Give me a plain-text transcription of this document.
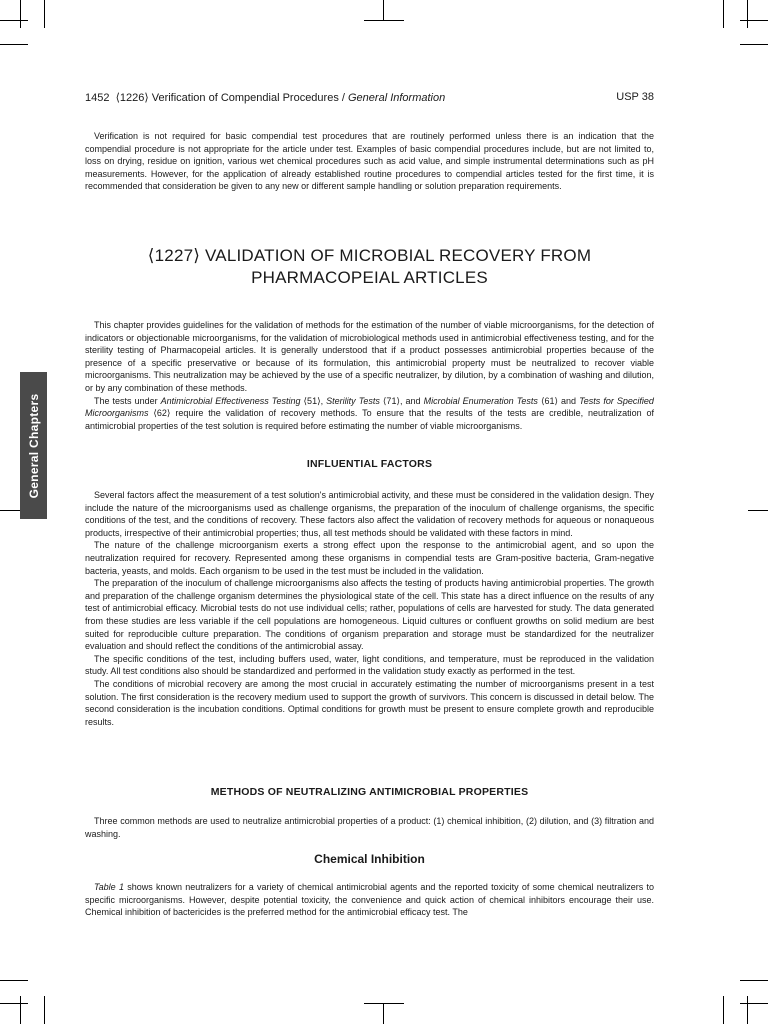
1452 ⟨1226⟩ Verification of Compendial Procedures / General Information	USP 38
General Chapters

Verification is not required for basic compendial test procedures that are routinely performed unless there is an indication that the compendial procedure is not appropriate for the article under test. Examples of basic compendial procedures include, but are not limited to, loss on drying, residue on ignition, various wet chemical procedures such as acid value, and simple instrumental determinations such as pH measurements. However, for the application of already established routine procedures to compendial articles tested for the first time, it is recommended that consideration be given to any new or different sample handling or solution preparation requirements.

⟨1227⟩ VALIDATION OF MICROBIAL RECOVERY FROM
PHARMACOPEIAL ARTICLES
This chapter provides guidelines for the validation of methods for the estimation of the number of viable microorganisms, for the detection of indicators or objectionable microorganisms, for the validation of microbiological methods used in antimicrobial effectiveness testing, and for the sterility testing of Pharmacopeial articles. It is generally understood that if a product possesses antimicrobial properties because of the presence of a specific preservative or because of its formulation, this antimicrobial property must be neutralized to recover viable microorganisms. This neutralization may be achieved by the use of a specific neutralizer, by dilution, by a combination of washing and dilution, or by any combination of these methods.
The tests under Antimicrobial Effectiveness Testing ⟨51⟩, Sterility Tests ⟨71⟩, and Microbial Enumeration Tests ⟨61⟩ and Tests for Specified Microorganisms ⟨62⟩ require the validation of recovery methods. To ensure that the results of the tests are credible, neutralization of antimicrobial properties of the test solution is required before estimating the number of viable microorganisms.
INFLUENTIAL FACTORS
Several factors affect the measurement of a test solution's antimicrobial activity, and these must be considered in the validation design. They include the nature of the microorganisms used as challenge organisms, the preparation of the inoculum of challenge organisms, the specific conditions of the test, and the conditions of recovery. These factors also affect the validation of recovery methods for aqueous or nonaqueous products, irrespective of their antimicrobial properties; thus, all test methods should be validated with these factors in mind.
The nature of the challenge microorganism exerts a strong effect upon the response to the antimicrobial agent, and so upon the neutralization required for recovery. Represented among these organisms in compendial tests are Gram-positive bacteria, Gram-negative bacteria, yeasts, and molds. Each organism to be used in the test must be included in the validation.
The preparation of the inoculum of challenge microorganisms also affects the testing of products having antimicrobial properties. The growth and preparation of the challenge organism determines the physiological state of the cell. This state has a direct influence on the results of any test of antimicrobial efficacy. Microbial tests do not use individual cells; rather, populations of cells are harvested for study. The data generated from these studies are less variable if the cell populations are homogeneous. Liquid cultures or confluent growths on solid medium are best suited for reproducible culture preparation. The conditions of organism preparation and storage must be standardized for the neutralizer evaluation and should reflect the conditions of the antimicrobial assay.
The specific conditions of the test, including buffers used, water, light conditions, and temperature, must be reproduced in the validation study. All test conditions also should be standardized and performed in the validation study exactly as performed in the test.
The conditions of microbial recovery are among the most crucial in accurately estimating the number of microorganisms present in a test solution. The first consideration is the recovery medium used to support the growth of survivors. This concern is discussed in detail below. The second consideration is the incubation conditions. Optimal conditions for growth must be present to ensure complete growth and reproducible results.
METHODS OF NEUTRALIZING ANTIMICROBIAL PROPERTIES

Three common methods are used to neutralize antimicrobial properties of a product: (1) chemical inhibition, (2) dilution, and (3) filtration and washing.

Chemical Inhibition

Table 1 shows known neutralizers for a variety of chemical antimicrobial agents and the reported toxicity of some chemical neutralizers to specific microorganisms. However, despite potential toxicity, the convenience and quick action of chemical inhibitors encourage their use. Chemical inhibition of bactericides is the preferred method for the antimicrobial efficacy test. The
